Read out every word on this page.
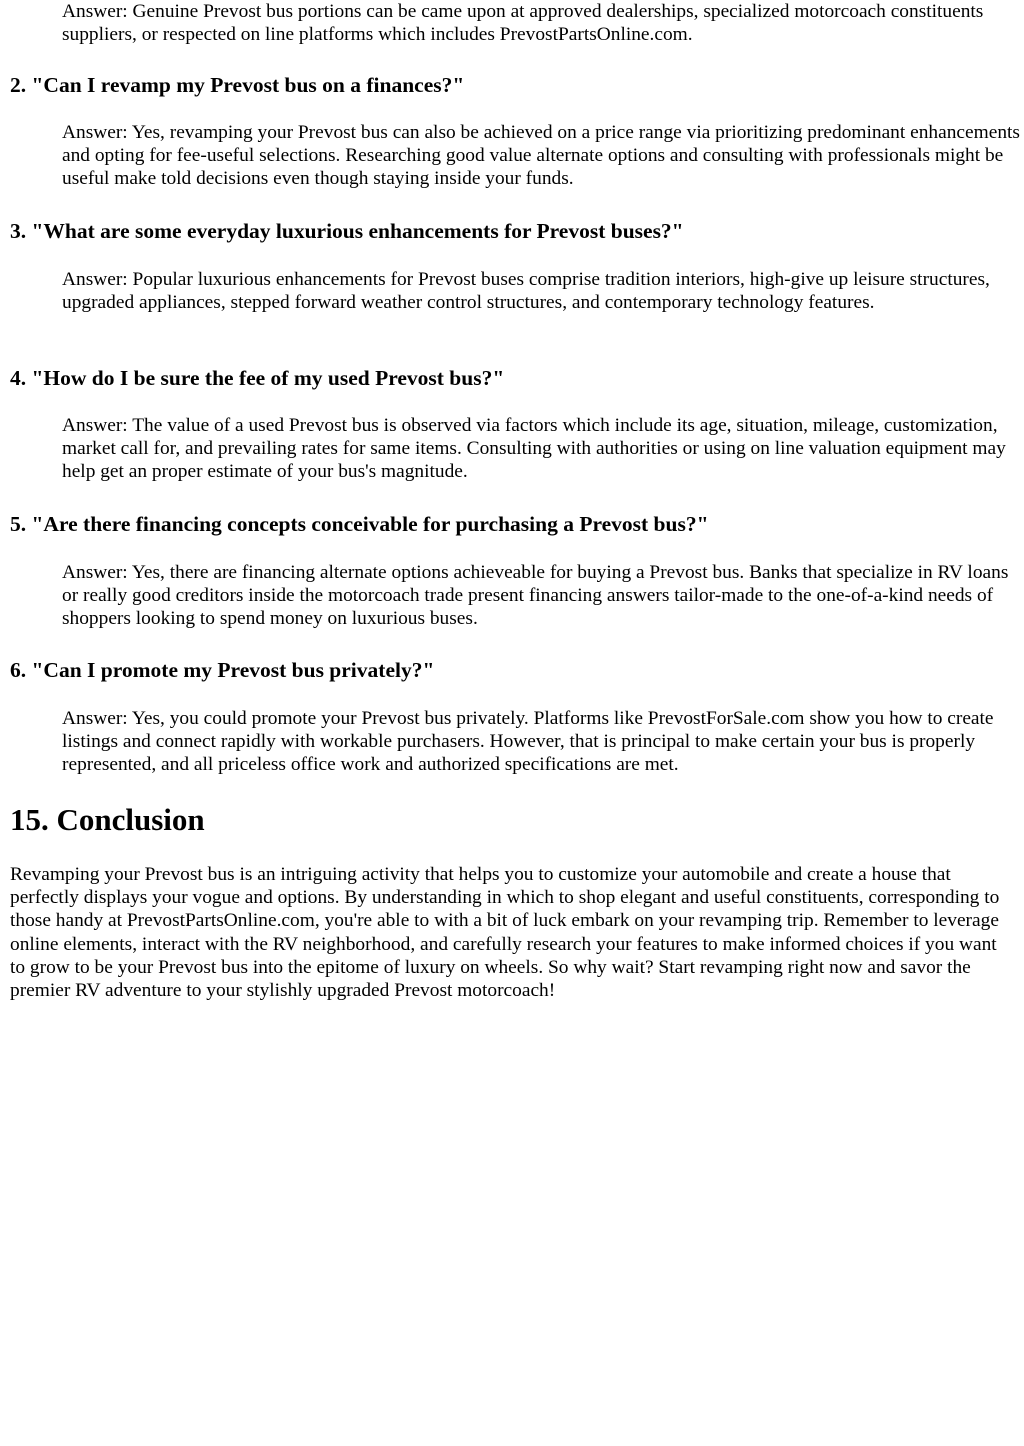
Answer: Genuine Prevost bus portions can be came upon at approved dealerships, specialized motorcoach constituents suppliers, or respected on line platforms which includes PrevostPartsOnline.com.

2. "Can I revamp my Prevost bus on a finances?"

Answer: Yes, revamping your Prevost bus can also be achieved on a price range via prioritizing predominant enhancements and opting for fee-useful selections. Researching good value alternate options and consulting with professionals might be useful make told decisions even though staying inside your funds.

3. "What are some everyday luxurious enhancements for Prevost buses?"

Answer: Popular luxurious enhancements for Prevost buses comprise tradition interiors, high-give up leisure structures, upgraded appliances, stepped forward weather control structures, and contemporary technology features.

4. "How do I be sure the fee of my used Prevost bus?"

Answer: The value of a used Prevost bus is observed via factors which include its age, situation, mileage, customization, market call for, and prevailing rates for same items. Consulting with authorities or using on line valuation equipment may help get an proper estimate of your bus's magnitude.

5. "Are there financing concepts conceivable for purchasing a Prevost bus?"

Answer: Yes, there are financing alternate options achieveable for buying a Prevost bus. Banks that specialize in RV loans or really good creditors inside the motorcoach trade present financing answers tailor-made to the one-of-a-kind needs of shoppers looking to spend money on luxurious buses.

6. "Can I promote my Prevost bus privately?"

Answer: Yes, you could promote your Prevost bus privately. Platforms like PrevostForSale.com show you how to create listings and connect rapidly with workable purchasers. However, that is principal to make certain your bus is properly represented, and all priceless office work and authorized specifications are met.

15. Conclusion

Revamping your Prevost bus is an intriguing activity that helps you to customize your automobile and create a house that perfectly displays your vogue and options. By understanding in which to shop elegant and useful constituents, corresponding to those handy at PrevostPartsOnline.com, you're able to with a bit of luck embark on your revamping trip. Remember to leverage online elements, interact with the RV neighborhood, and carefully research your features to make informed choices if you want to grow to be your Prevost bus into the epitome of luxury on wheels. So why wait? Start revamping right now and savor the premier RV adventure to your stylishly upgraded Prevost motorcoach!
